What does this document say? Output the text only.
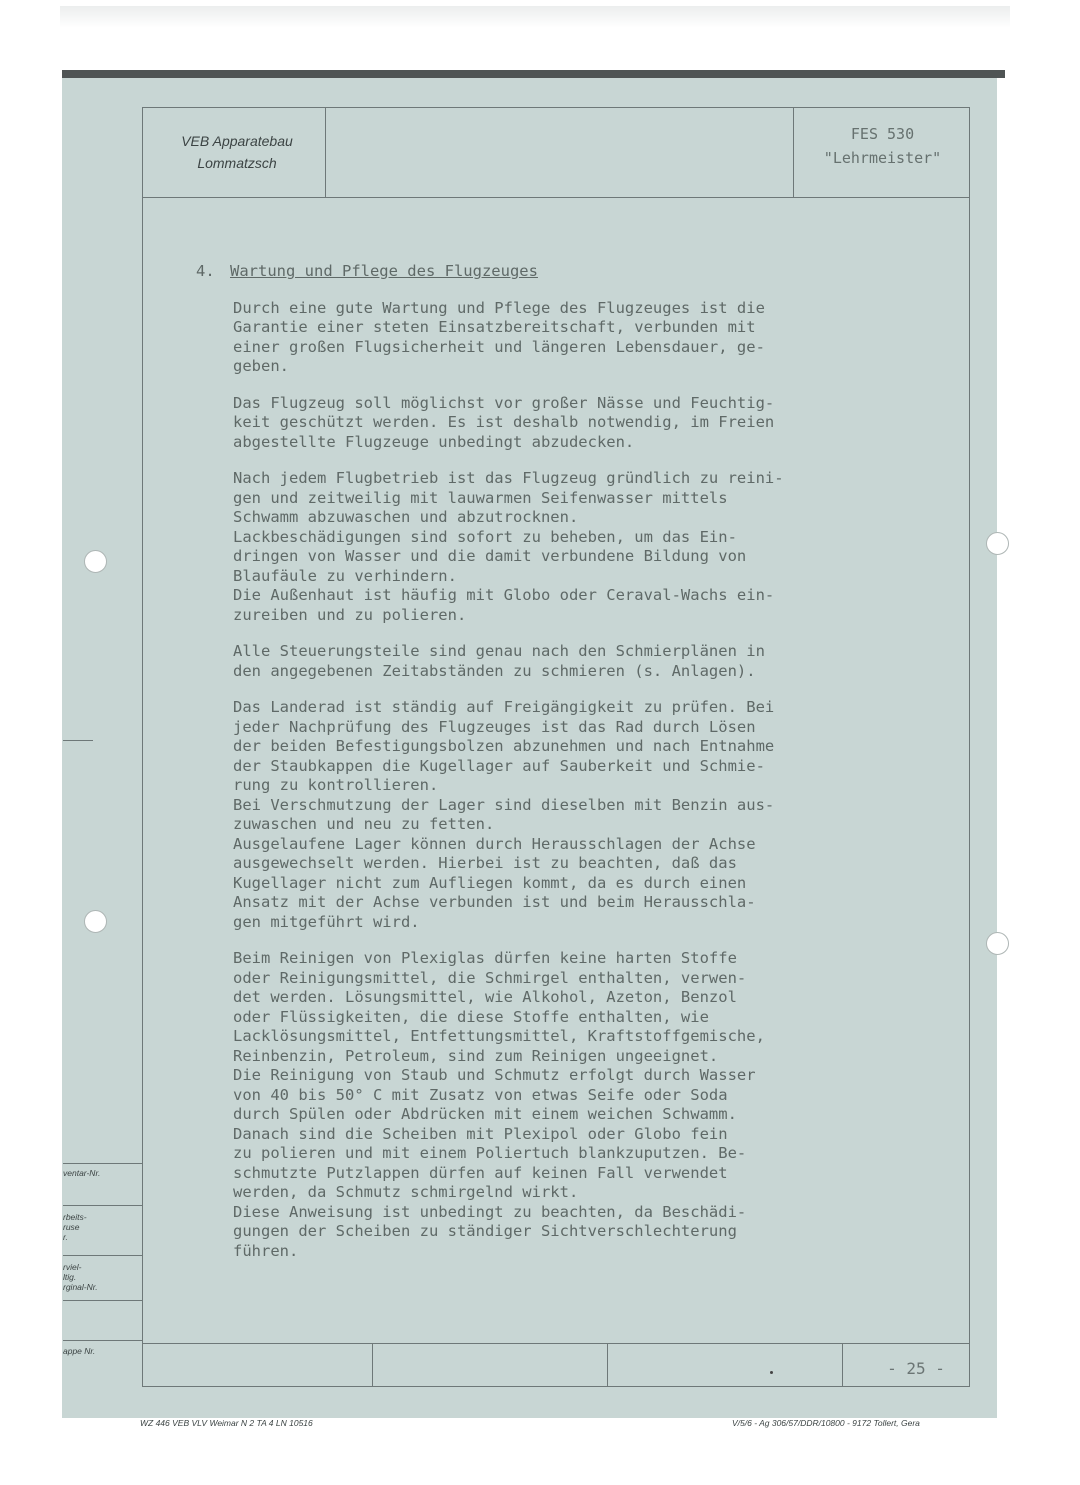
VEB Apparatebau
Lommatzsch
FES 530
"Lehrmeister"
4. Wartung und Pflege des Flugzeuges
Durch eine gute Wartung und Pflege des Flugzeuges ist die
Garantie einer steten Einsatzbereitschaft, verbunden mit
einer großen Flugsicherheit und längeren Lebensdauer, ge-
geben.
Das Flugzeug soll möglichst vor großer Nässe und Feuchtig-
keit geschützt werden. Es ist deshalb notwendig, im Freien
abgestellte Flugzeuge unbedingt abzudecken.
Nach jedem Flugbetrieb ist das Flugzeug gründlich zu reini-
gen und zeitweilig mit lauwarmen Seifenwasser mittels
Schwamm abzuwaschen und abzutrocknen.
Lackbeschädigungen sind sofort zu beheben, um das Ein-
dringen von Wasser und die damit verbundene Bildung von
Blaufäule zu verhindern.
Die Außenhaut ist häufig mit Globo oder Ceraval-Wachs ein-
zureiben und zu polieren.
Alle Steuerungsteile sind genau nach den Schmierplänen in
den angegebenen Zeitabständen zu schmieren (s. Anlagen).
Das Landerad ist ständig auf Freigängigkeit zu prüfen. Bei
jeder Nachprüfung des Flugzeuges ist das Rad durch Lösen
der beiden Befestigungsbolzen abzunehmen und nach Entnahme
der Staubkappen die Kugellager auf Sauberkeit und Schmie-
rung zu kontrollieren.
Bei Verschmutzung der Lager sind dieselben mit Benzin aus-
zuwaschen und neu zu fetten.
Ausgelaufene Lager können durch Herausschlagen der Achse
ausgewechselt werden. Hierbei ist zu beachten, daß das
Kugellager nicht zum Aufliegen kommt, da es durch einen
Ansatz mit der Achse verbunden ist und beim Herausschla-
gen mitgeführt wird.
Beim Reinigen von Plexiglas dürfen keine harten Stoffe
oder Reinigungsmittel, die Schmirgel enthalten, verwen-
det werden. Lösungsmittel, wie Alkohol, Azeton, Benzol
oder Flüssigkeiten, die diese Stoffe enthalten, wie
Lacklösungsmittel, Entfettungsmittel, Kraftstoffgemische,
Reinbenzin, Petroleum, sind zum Reinigen ungeeignet.
Die Reinigung von Staub und Schmutz erfolgt durch Wasser
von 40 bis 50° C mit Zusatz von etwas Seife oder Soda
durch Spülen oder Abdrücken mit einem weichen Schwamm.
Danach sind die Scheiben mit Plexipol oder Globo fein
zu polieren und mit einem Poliertuch blankzuputzen. Be-
schmutzte Putzlappen dürfen auf keinen Fall verwendet
werden, da Schmutz schmirgelnd wirkt.
Diese Anweisung ist unbedingt zu beachten, da Beschädi-
gungen der Scheiben zu ständiger Sichtverschlechterung
führen.
ventar-Nr.
rbeits-
ruse
r.
rviel-
ltig.
rginal-Nr.
appe Nr.
- 25 -
WZ 446 VEB VLV Weimar N 2 TA 4 LN 10516	V/5/6 - Ag 306/57/DDR/10800 - 9172 Tollert, Gera
